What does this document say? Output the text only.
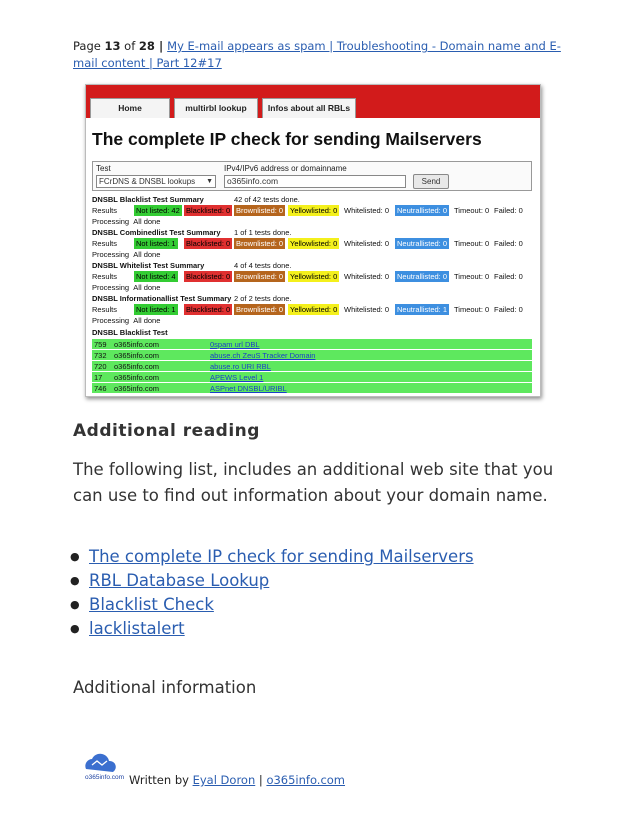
Page 13 of 28 | My E-mail appears as spam | Troubleshooting - Domain name and E-mail content | Part 12#17
Home	multirbl lookup	Infos about all RBLs
The complete IP check for sending Mailservers
Test	IPv4/IPv6 address or domainname
FCrDNS & DNSBL lookups ▼	o365info.com	Send
DNSBL Blacklist Test Summary	42 of 42 tests done.
Results	Not listed: 42 Blacklisted: 0 Brownlisted: 0 Yellowlisted: 0 Whitelisted: 0 Neutrallisted: 0 Timeout: 0 Failed: 0
Processing All done
DNSBL Combinedlist Test Summary 1 of 1 tests done.
Results	Not listed: 1 Blacklisted: 0 Brownlisted: 0 Yellowlisted: 0 Whitelisted: 0 Neutrallisted: 0 Timeout: 0 Failed: 0
Processing All done
DNSBL Whitelist Test Summary	4 of 4 tests done.
Results	Not listed: 4 Blacklisted: 0 Brownlisted: 0 Yellowlisted: 0 Whitelisted: 0 Neutrallisted: 0 Timeout: 0 Failed: 0
Processing All done
DNSBL Informationallist Test Summary 2 of 2 tests done.
Results	Not listed: 1 Blacklisted: 0 Brownlisted: 0 Yellowlisted: 0 Whitelisted: 0 Neutrallisted: 1 Timeout: 0 Failed: 0
Processing All done
DNSBL Blacklist Test
759 o365info.com	0spam url DBL
732 o365info.com	abuse.ch ZeuS Tracker Domain
720 o365info.com	abuse.ro URI RBL
17 o365info.com	APEWS Level 1
746 o365info.com	ASPnet DNSBL/URIBL
Additional reading
The following list, includes an additional web site that you can use to find out information about your domain name.
● The complete IP check for sending Mailservers
● RBL Database Lookup
● Blacklist Check
● lacklistalert
Additional information
o365info.com Written by Eyal Doron | o365info.com
